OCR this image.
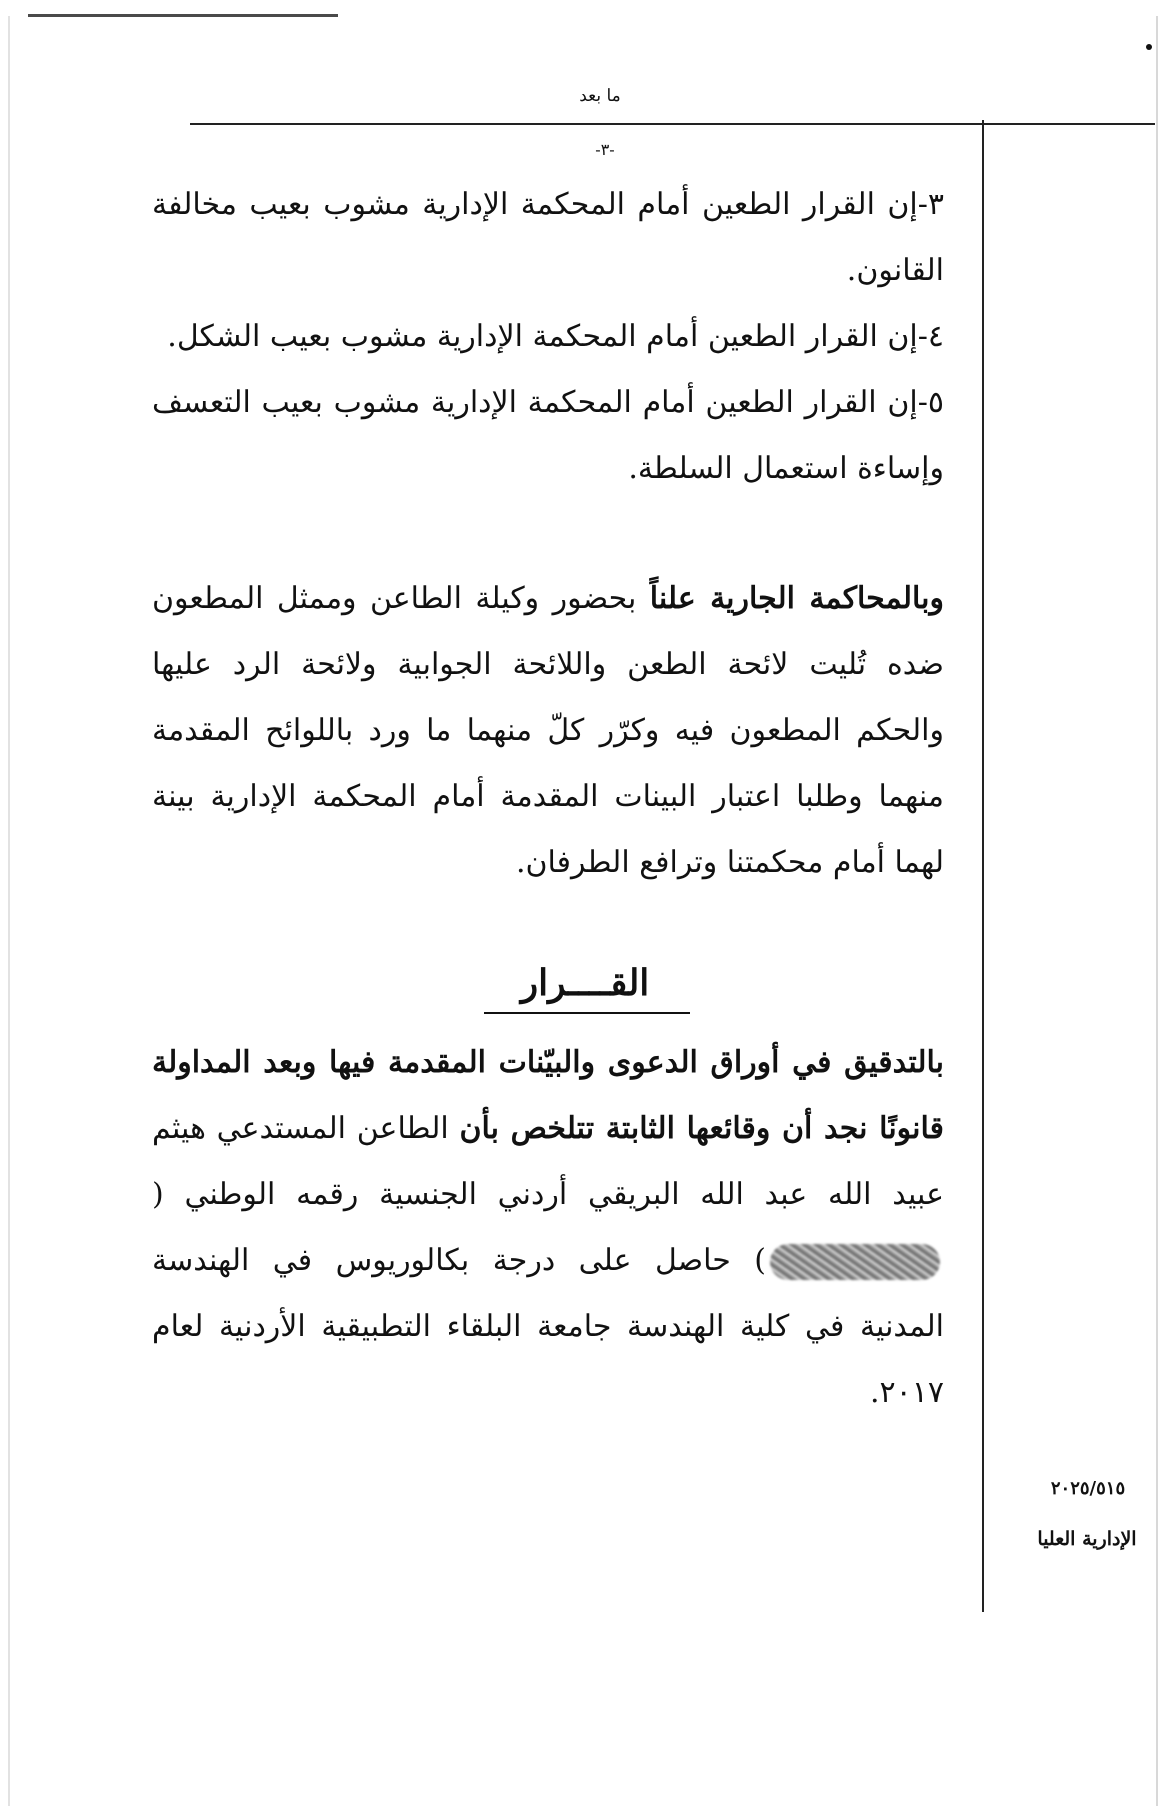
ما بعد
-٣-

٣-إن القرار الطعين أمام المحكمة الإدارية مشوب بعيب مخالفة القانون.

٤-إن القرار الطعين أمام المحكمة الإدارية مشوب بعيب الشكل.

٥-إن القرار الطعين أمام المحكمة الإدارية مشوب بعيب التعسف وإساءة استعمال السلطة.

وبالمحاكمة الجارية علناً بحضور وكيلة الطاعن وممثل المطعون ضده تُليت لائحة الطعن واللائحة الجوابية ولائحة الرد عليها والحكم المطعون فيه وكرّر كلّ منهما ما ورد باللوائح المقدمة منهما وطلبا اعتبار البينات المقدمة أمام المحكمة الإدارية بينة لهما أمام محكمتنا وترافع الطرفان.

القــــرار

بالتدقيق في أوراق الدعوى والبيّنات المقدمة فيها وبعد المداولة قانونًا نجد أن وقائعها الثابتة تتلخص بأن الطاعن المستدعي هيثم عبيد الله عبد الله البريقي أردني الجنسية رقمه الوطني () حاصل على درجة بكالوريوس في الهندسة المدنية في كلية الهندسة جامعة البلقاء التطبيقية الأردنية لعام ٢٠١٧.

٢٠٢٥/٥١٥
الإدارية العليا
